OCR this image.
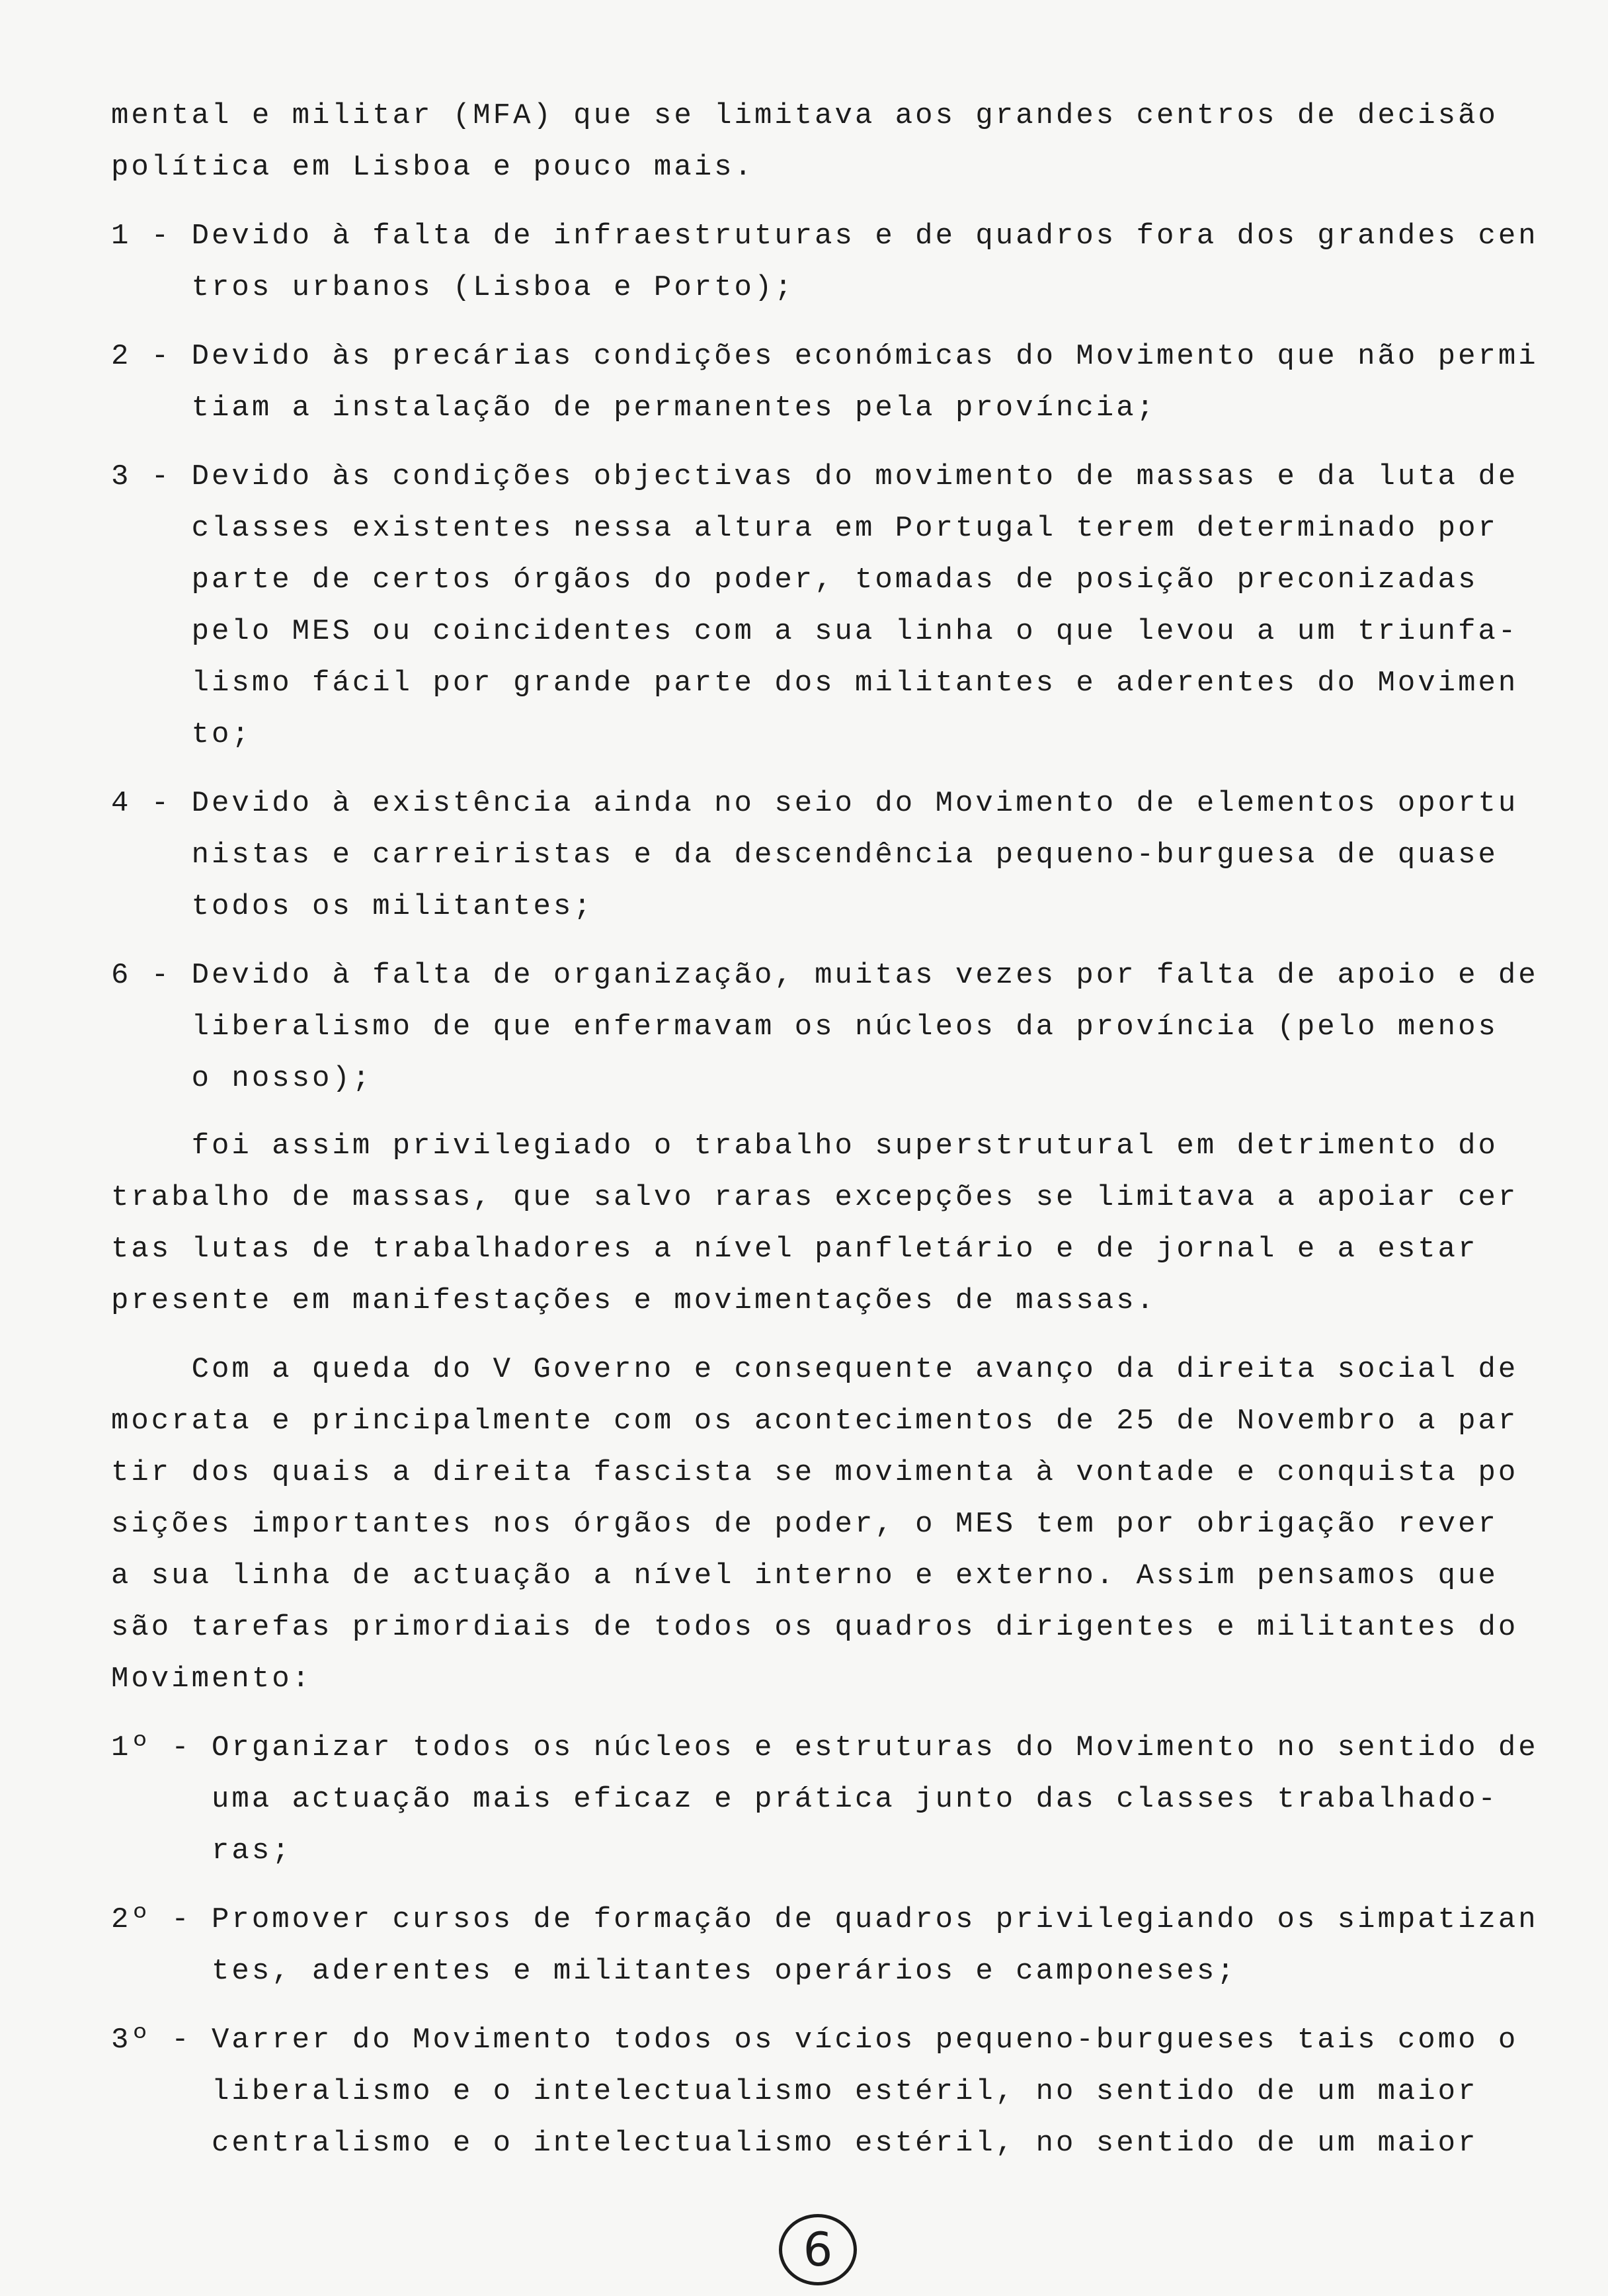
mental e militar (MFA) que se limitava aos grandes centros de decisão
política em Lisboa e pouco mais.
1 - Devido à falta de infraestruturas e de quadros fora dos grandes cen
tros urbanos (Lisboa e Porto);
2 - Devido às precárias condições económicas do Movimento que não permi
tiam a instalação de permanentes pela província;
3 - Devido às condições objectivas do movimento de massas e da luta de
classes existentes nessa altura em Portugal terem determinado por
parte de certos órgãos do poder, tomadas de posição preconizadas
pelo MES ou coincidentes com a sua linha o que levou a um triunfa-
lismo fácil por grande parte dos militantes e aderentes do Movimen
to;
4 - Devido à existência ainda no seio do Movimento de elementos oportu
nistas e carreiristas e da descendência pequeno-burguesa de quase
todos os militantes;
6 - Devido à falta de organização, muitas vezes por falta de apoio e de
liberalismo de que enfermavam os núcleos da província (pelo menos
o nosso);
foi assim privilegiado o trabalho superstrutural em detrimento do
trabalho de massas, que salvo raras excepções se limitava a apoiar cer
tas lutas de trabalhadores a nível panfletário e de jornal e a estar
presente em manifestações e movimentações de massas.
Com a queda do V Governo e consequente avanço da direita social de
mocrata e principalmente com os acontecimentos de 25 de Novembro a par
tir dos quais a direita fascista se movimenta à vontade e conquista po
sições importantes nos órgãos de poder, o MES tem por obrigação rever
a sua linha de actuação a nível interno e externo. Assim pensamos que
são tarefas primordiais de todos os quadros dirigentes e militantes do
Movimento:
1º - Organizar todos os núcleos e estruturas do Movimento no sentido de
uma actuação mais eficaz e prática junto das classes trabalhado-
ras;
2º - Promover cursos de formação de quadros privilegiando os simpatizan
tes, aderentes e militantes operários e camponeses;
3º - Varrer do Movimento todos os vícios pequeno-burgueses tais como o
liberalismo e o intelectualismo estéril, no sentido de um maior
centralismo e o intelectualismo estéril, no sentido de um maior
6
